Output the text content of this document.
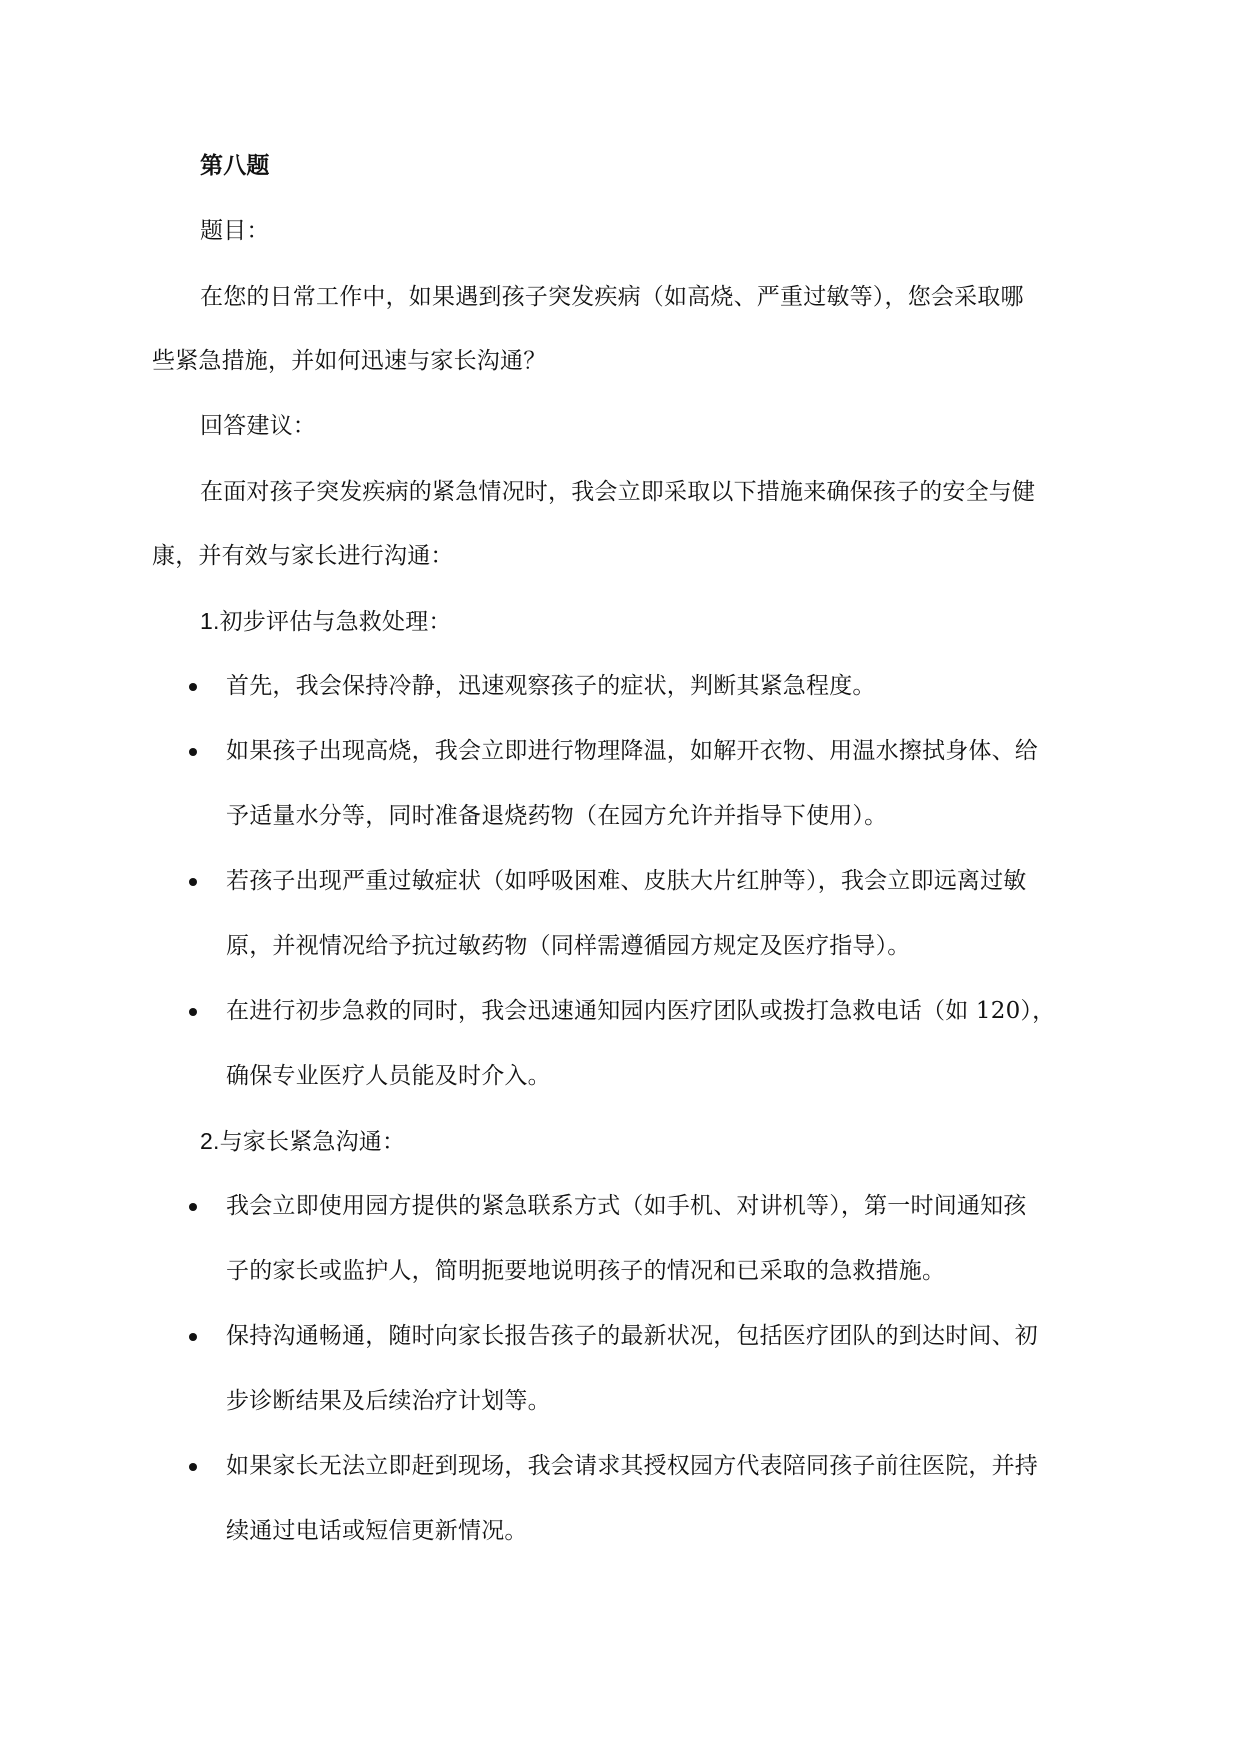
第八题
题目：
在您的日常工作中，如果遇到孩子突发疾病（如高烧、严重过敏等），您会采取哪
些紧急措施，并如何迅速与家长沟通？
回答建议：
在面对孩子突发疾病的紧急情况时，我会立即采取以下措施来确保孩子的安全与健
康，并有效与家长进行沟通：
1.初步评估与急救处理：
首先，我会保持冷静，迅速观察孩子的症状，判断其紧急程度。
如果孩子出现高烧，我会立即进行物理降温，如解开衣物、用温水擦拭身体、给
予适量水分等，同时准备退烧药物（在园方允许并指导下使用）。
若孩子出现严重过敏症状（如呼吸困难、皮肤大片红肿等），我会立即远离过敏
原，并视情况给予抗过敏药物（同样需遵循园方规定及医疗指导）。
在进行初步急救的同时，我会迅速通知园内医疗团队或拨打急救电话（如 120），
确保专业医疗人员能及时介入。
2.与家长紧急沟通：
我会立即使用园方提供的紧急联系方式（如手机、对讲机等），第一时间通知孩
子的家长或监护人，简明扼要地说明孩子的情况和已采取的急救措施。
保持沟通畅通，随时向家长报告孩子的最新状况，包括医疗团队的到达时间、初
步诊断结果及后续治疗计划等。
如果家长无法立即赶到现场，我会请求其授权园方代表陪同孩子前往医院，并持
续通过电话或短信更新情况。
